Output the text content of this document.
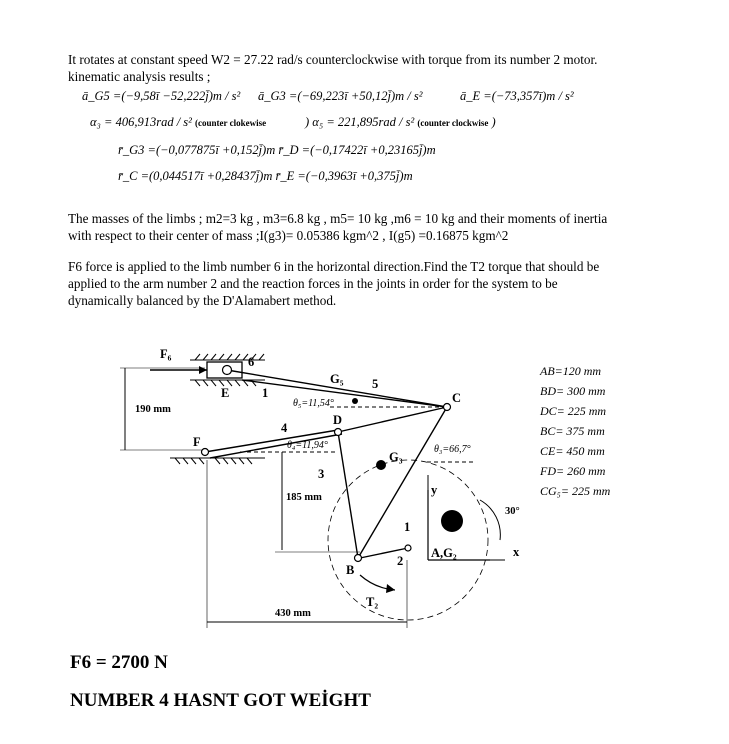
It rotates at constant speed W2 = 27.22 rad/s counterclockwise with torque from its number 2 motor.
kinematic analysis results ;
ā_G5 =(−9,58ī −52,222j̄)m / s² ā_G3 =(−69,223ī +50,12j̄)m / s²	ā_E =(−73,357ī)m / s²
α₃ = 406,913rad / s² (counter clokewise	) α₅ = 221,895rad / s² (counter clockwise )
r̄_G3 =(−0,077875ī +0,152j̄)m r̄_D =(−0,17422ī +0,23165j̄)m
r̄_C =(0,044517ī +0,28437j̄)m r̄_E =(−0,3963ī +0,375j̄)m
The masses of the limbs ; m2=3 kg , m3=6.8 kg , m5= 10 kg ,m6 = 10 kg and their moments of inertia
with respect to their center of mass ;I(g3)= 0.05386 kgm^2 , I(g5) =0.16875 kgm^2
F6 force is applied to the limb number 6 in the horizontal direction.Find the T2 torque that should be
applied to the arm number 2 and the reaction forces in the joints in order for the system to be
dynamically balanced by the D'Alamabert method.
F₆
6
E	1
G₅ 5
C
D
4
F
G₃
3
1
2
B
A,G₂	x
y
T₂
θ₅=11,54°
θ₄=11,94°	θ₃=66,7°
30°
190 mm
185 mm
430 mm
AB=120 mm
BD= 300 mm
DC= 225 mm
BC= 375 mm
CE= 450 mm
FD= 260 mm
CG₅= 225 mm
F6 = 2700 N
NUMBER 4 HASNT GOT WEİGHT
